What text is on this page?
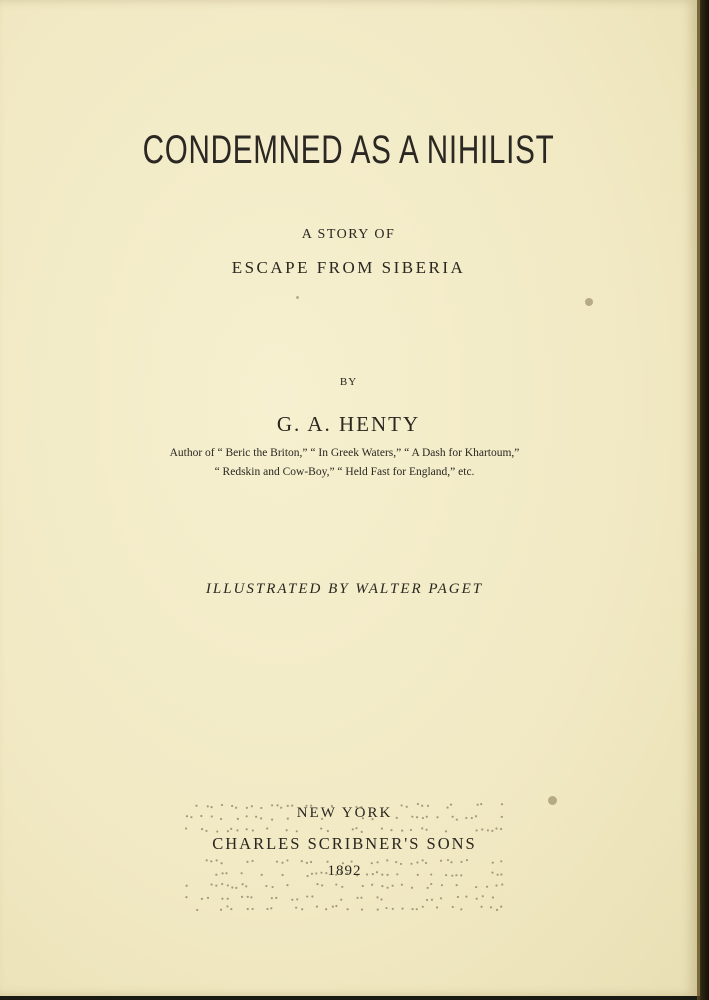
CONDEMNED AS A NIHILIST
A STORY OF
ESCAPE FROM SIBERIA
BY
G. A. HENTY
Author of “ Beric the Briton,” “ In Greek Waters,” “ A Dash for Khartoum,”
“ Redskin and Cow-Boy,” “ Held Fast for England,” etc.
ILLUSTRATED BY WALTER PAGET
NEW YORK
CHARLES SCRIBNER'S SONS
1892
